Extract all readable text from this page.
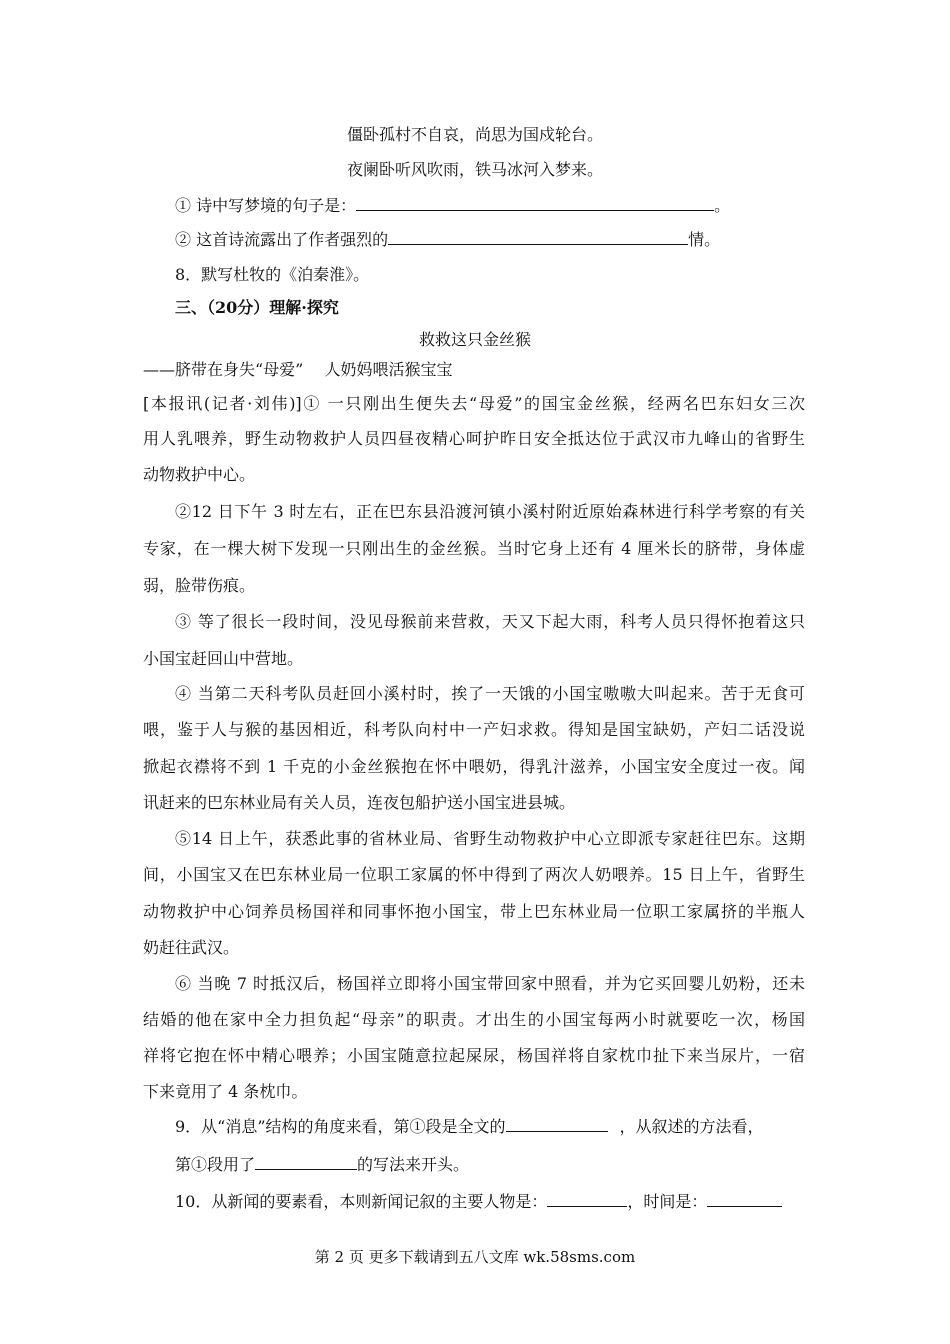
僵卧孤村不自哀，尚思为国戍轮台。
夜阑卧听风吹雨，铁马冰河入梦来。
① 诗中写梦境的句子是：	。
② 这首诗流露出了作者强烈的	情。
8．默写杜牧的《泊秦淮》。
三、（20分）理解·探究
救救这只金丝猴
——脐带在身失“母爱”　 人奶妈喂活猴宝宝
[本报讯(记者·刘伟)]① 一只刚出生便失去“母爱”的国宝金丝猴，经两名巴东妇女三次
用人乳喂养，野生动物救护人员四昼夜精心呵护昨日安全抵达位于武汉市九峰山的省野生
动物救护中心。
②12 日下午 3 时左右，正在巴东县沿渡河镇小溪村附近原始森林进行科学考察的有关
专家，在一棵大树下发现一只刚出生的金丝猴。当时它身上还有 4 厘米长的脐带，身体虚
弱，脸带伤痕。
③ 等了很长一段时间，没见母猴前来营救，天又下起大雨，科考人员只得怀抱着这只
小国宝赶回山中营地。
④ 当第二天科考队员赶回小溪村时，挨了一天饿的小国宝嗷嗷大叫起来。苦于无食可
喂，鉴于人与猴的基因相近，科考队向村中一产妇求救。得知是国宝缺奶，产妇二话没说
掀起衣襟将不到 1 千克的小金丝猴抱在怀中喂奶，得乳汁滋养，小国宝安全度过一夜。闻
讯赶来的巴东林业局有关人员，连夜包船护送小国宝进县城。
⑤14 日上午，获悉此事的省林业局、省野生动物救护中心立即派专家赶往巴东。这期
间，小国宝又在巴东林业局一位职工家属的怀中得到了两次人奶喂养。15 日上午，省野生
动物救护中心饲养员杨国祥和同事怀抱小国宝，带上巴东林业局一位职工家属挤的半瓶人
奶赶往武汉。
⑥ 当晚 7 时抵汉后，杨国祥立即将小国宝带回家中照看，并为它买回婴儿奶粉，还未
结婚的他在家中全力担负起“母亲”的职责。才出生的小国宝每两小时就要吃一次，杨国
祥将它抱在怀中精心喂养；小国宝随意拉起屎尿，杨国祥将自家枕巾扯下来当尿片，一宿
下来竟用了 4 条枕巾。
9．从“消息”结构的角度来看，第①段是全文的	，从叙述的方法看，
第①段用了	的写法来开头。
10．从新闻的要素看，本则新闻记叙的主要人物是：	，时间是：
第 2 页 更多下载请到五八文库 wk.58sms.com
